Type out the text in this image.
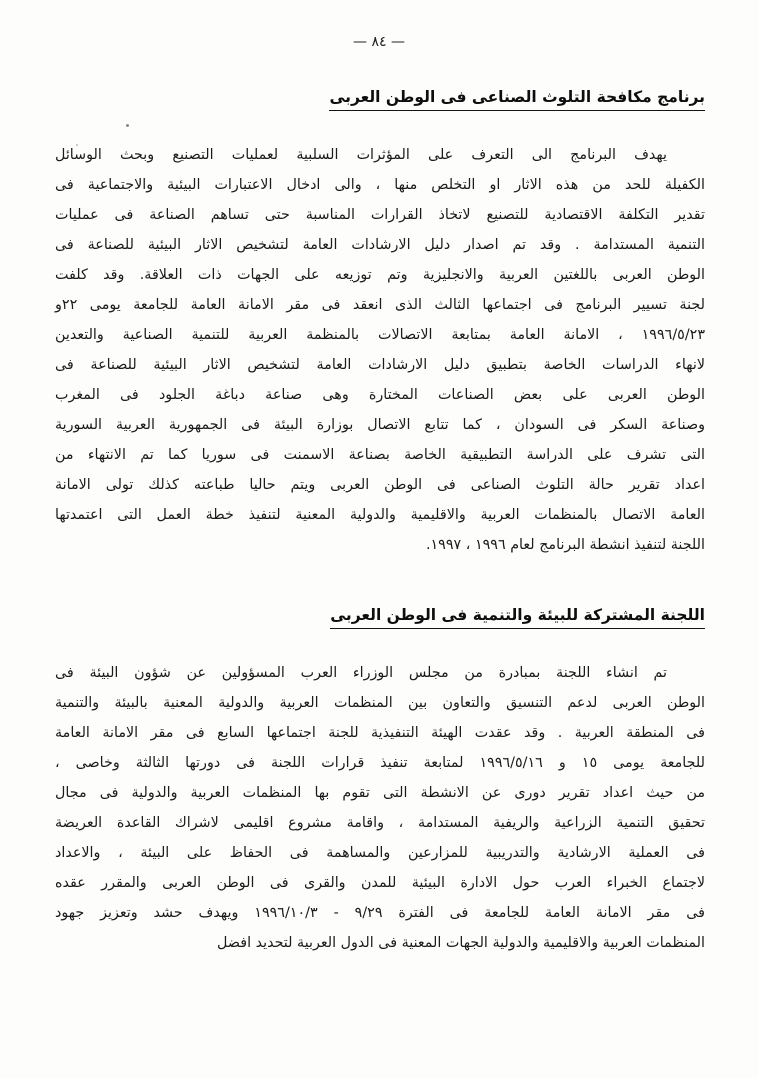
— ٨٤ —
برنامج مكافحة التلوث الصناعى فى الوطن العربى
يهدف البرنامج الى التعرف على المؤثرات السلبية لعمليات التصنيع وبحث الوسائل
الكفيلة للحد من هذه الاثار او التخلص منها ، والى ادخال الاعتبارات البيئية والاجتماعية فى
تقدير التكلفة الاقتصادية للتصنيع لاتخاذ القرارات المناسبة حتى تساهم الصناعة فى عمليات
التنمية المستدامة . وقد تم اصدار دليل الارشادات العامة لتشخيص الاثار البيئية للصناعة فى
الوطن العربى باللغتين العربية والانجليزية وتم توزيعه على الجهات ذات العلاقة. وقد كلفت
لجنة تسيير البرنامج فى اجتماعها الثالث الذى انعقد فى مقر الامانة العامة للجامعة يومى ٢٢و
١٩٩٦/٥/٢٣ ، الامانة العامة بمتابعة الاتصالات بالمنظمة العربية للتنمية الصناعية والتعدين
لانهاء الدراسات الخاصة بتطبيق دليل الارشادات العامة لتشخيص الاثار البيئية للصناعة فى
الوطن العربى على بعض الصناعات المختارة وهى صناعة دباغة الجلود فى المغرب
وصناعة السكر فى السودان ، كما تتابع الاتصال بوزارة البيئة فى الجمهورية العربية السورية
التى تشرف على الدراسة التطبيقية الخاصة بصناعة الاسمنت فى سوريا كما تم الانتهاء من
اعداد تقرير حالة التلوث الصناعى فى الوطن العربى ويتم حاليا طباعته كذلك تولى الامانة
العامة الاتصال بالمنظمات العربية والاقليمية والدولية المعنية لتنفيذ خطة العمل التى اعتمدتها
اللجنة لتنفيذ انشطة البرنامج لعام ١٩٩٦ ، ١٩٩٧.
اللجنة المشتركة للبيئة والتنمية فى الوطن العربى
تم انشاء اللجنة بمبادرة من مجلس الوزراء العرب المسؤولين عن شؤون البيئة فى
الوطن العربى لدعم التنسيق والتعاون بين المنظمات العربية والدولية المعنية بالبيئة والتنمية
فى المنطقة العربية . وقد عقدت الهيئة التنفيذية للجنة اجتماعها السابع فى مقر الامانة العامة
للجامعة يومى ١٥ و ١٩٩٦/٥/١٦ لمتابعة تنفيذ قرارات اللجنة فى دورتها الثالثة وخاصى ،
من حيث اعداد تقرير دورى عن الانشطة التى تقوم بها المنظمات العربية والدولية فى مجال
تحقيق التنمية الزراعية والريفية المستدامة ، واقامة مشروع اقليمى لاشراك القاعدة العريضة
فى العملية الارشادية والتدريبية للمزارعين والمساهمة فى الحفاظ على البيئة ، والاعداد
لاجتماع الخبراء العرب حول الادارة البيئية للمدن والقرى فى الوطن العربى والمقرر عقده
فى مقر الامانة العامة للجامعة فى الفترة ٩/٢٩ - ١٩٩٦/١٠/٣ ويهدف حشد وتعزيز جهود
المنظمات العربية والاقليمية والدولية الجهات المعنية فى الدول العربية لتحديد افضل
